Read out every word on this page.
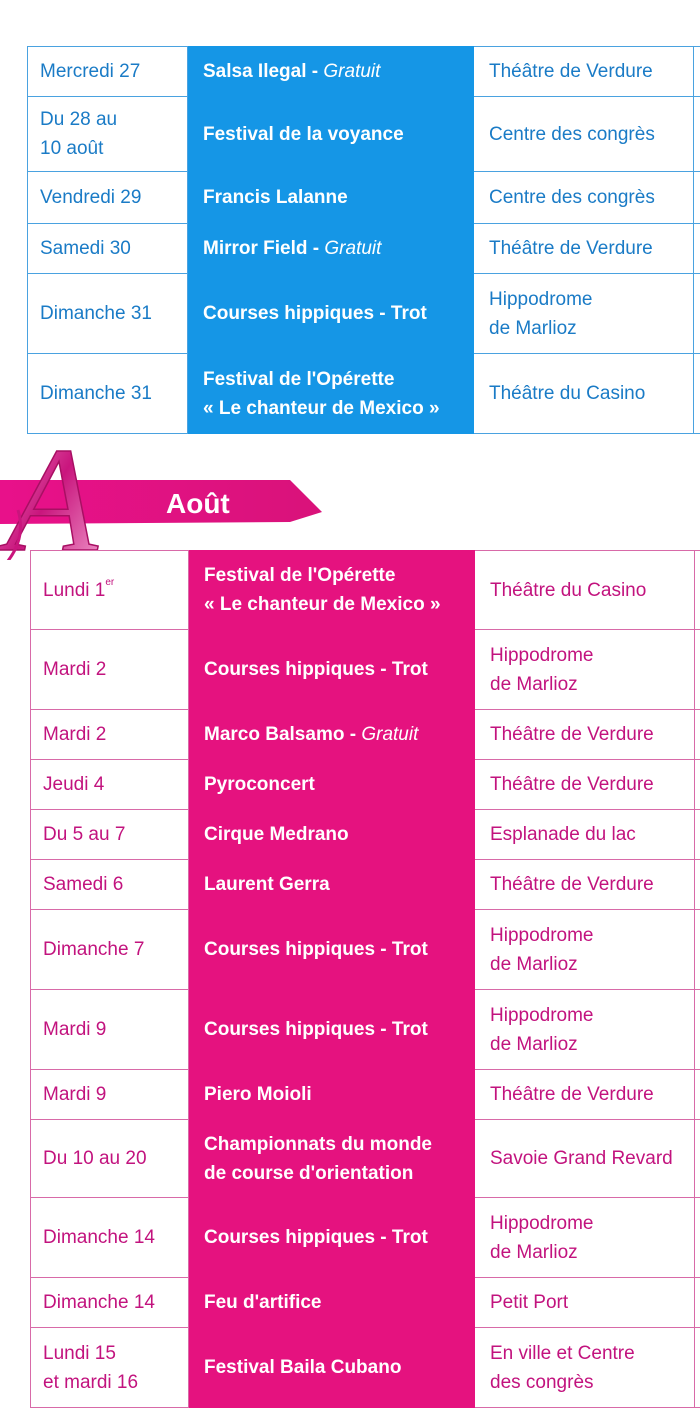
Mercredi 27	Salsa Ilegal - Gratuit	Théâtre de Verdure	

Du 28 au
10 août	Festival de la voyance	Centre des congrès	

Vendredi 29	Francis Lalanne	Centre des congrès	

Samedi 30	Mirror Field - Gratuit	Théâtre de Verdure	

Dimanche 31	Courses hippiques - Trot	Hippodrome
de Marlioz	

Dimanche 31	Festival de l'Opérette
« Le chanteur de Mexico »	Théâtre du Casino	

A Août
Lundi 1er	Festival de l'Opérette
« Le chanteur de Mexico »	Théâtre du Casino	

Mardi 2	Courses hippiques - Trot	Hippodrome
de Marlioz	

Mardi 2	Marco Balsamo - Gratuit	Théâtre de Verdure	

Jeudi 4	Pyroconcert	Théâtre de Verdure	

Du 5 au 7	Cirque Medrano	Esplanade du lac	

Samedi 6	Laurent Gerra	Théâtre de Verdure	

Dimanche 7	Courses hippiques - Trot	Hippodrome
de Marlioz	

Mardi 9	Courses hippiques - Trot	Hippodrome
de Marlioz	

Mardi 9	Piero Moioli	Théâtre de Verdure	

Du 10 au 20	Championnats du monde
de course d'orientation	Savoie Grand Revard	

Dimanche 14	Courses hippiques - Trot	Hippodrome
de Marlioz	

Dimanche 14	Feu d'artifice	Petit Port	

Lundi 15
et mardi 16	Festival Baila Cubano	En ville et Centre
des congrès	
